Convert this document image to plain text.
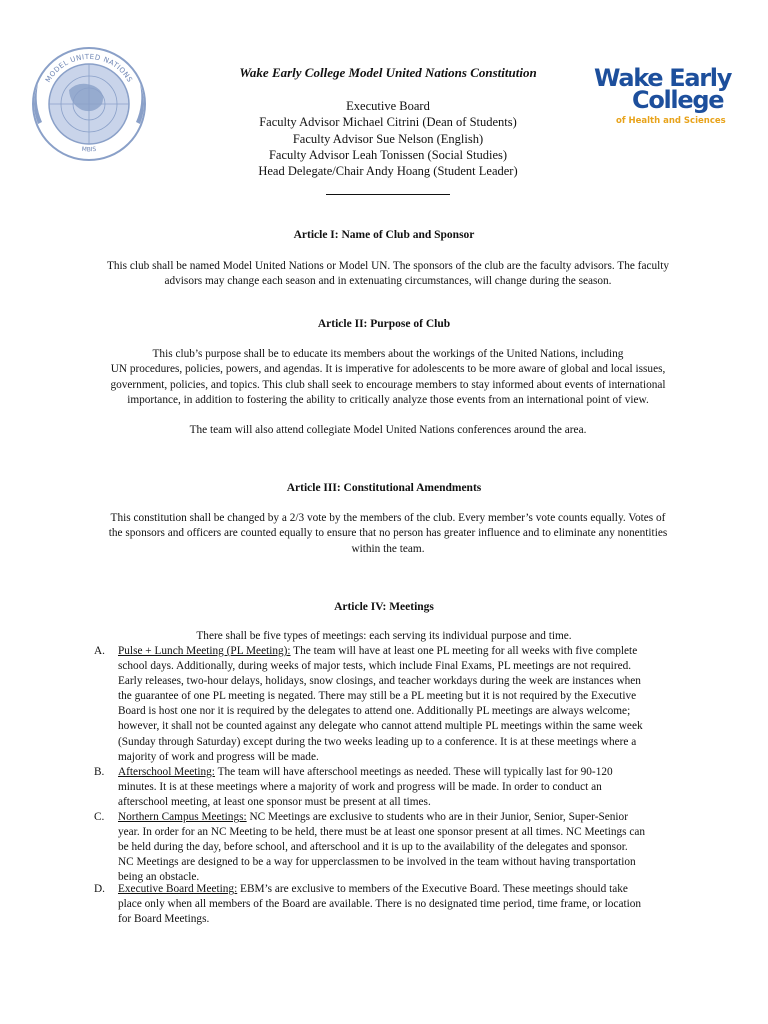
MODEL UNITED NATIONS
MBIS
Wake Early
College
of Health and Sciences
Wake Early College Model United Nations Constitution
Executive Board
Faculty Advisor Michael Citrini (Dean of Students)
Faculty Advisor Sue Nelson (English)
Faculty Advisor Leah Tonissen (Social Studies)
Head Delegate/Chair Andy Hoang (Student Leader)
Article I: Name of Club and Sponsor
This club shall be named Model United Nations or Model UN. The sponsors of the club are the faculty advisors. The faculty
advisors may change each season and in extenuating circumstances, will change during the season.
Article II: Purpose of Club
This club’s purpose shall be to educate its members about the workings of the United Nations, including
UN procedures, policies, powers, and agendas. It is imperative for adolescents to be more aware of global and local issues,
government, policies, and topics. This club shall seek to encourage members to stay informed about events of international
importance, in addition to fostering the ability to critically analyze those events from an international point of view.
The team will also attend collegiate Model United Nations conferences around the area.
Article III: Constitutional Amendments
This constitution shall be changed by a 2/3 vote by the members of the club. Every member’s vote counts equally. Votes of
the sponsors and officers are counted equally to ensure that no person has greater influence and to eliminate any nonentities
within the team.
Article IV: Meetings
There shall be five types of meetings: each serving its individual purpose and time.
A. Pulse + Lunch Meeting (PL Meeting): The team will have at least one PL meeting for all weeks with five complete
school days. Additionally, during weeks of major tests, which include Final Exams, PL meetings are not required.
Early releases, two-hour delays, holidays, snow closings, and teacher workdays during the week are instances when
the guarantee of one PL meeting is negated. There may still be a PL meeting but it is not required by the Executive
Board is host one nor it is required by the delegates to attend one. Additionally PL meetings are always welcome;
however, it shall not be counted against any delegate who cannot attend multiple PL meetings within the same week
(Sunday through Saturday) except during the two weeks leading up to a conference. It is at these meetings where a
majority of work and progress will be made.
B. Afterschool Meeting: The team will have afterschool meetings as needed. These will typically last for 90-120
minutes. It is at these meetings where a majority of work and progress will be made. In order to conduct an
afterschool meeting, at least one sponsor must be present at all times.
C. Northern Campus Meetings: NC Meetings are exclusive to students who are in their Junior, Senior, Super-Senior
year. In order for an NC Meeting to be held, there must be at least one sponsor present at all times. NC Meetings can
be held during the day, before school, and afterschool and it is up to the availability of the delegates and sponsor.
NC Meetings are designed to be a way for upperclassmen to be involved in the team without having transportation
being an obstacle.
D. Executive Board Meeting: EBM’s are exclusive to members of the Executive Board. These meetings should take
place only when all members of the Board are available. There is no designated time period, time frame, or location
for Board Meetings.
